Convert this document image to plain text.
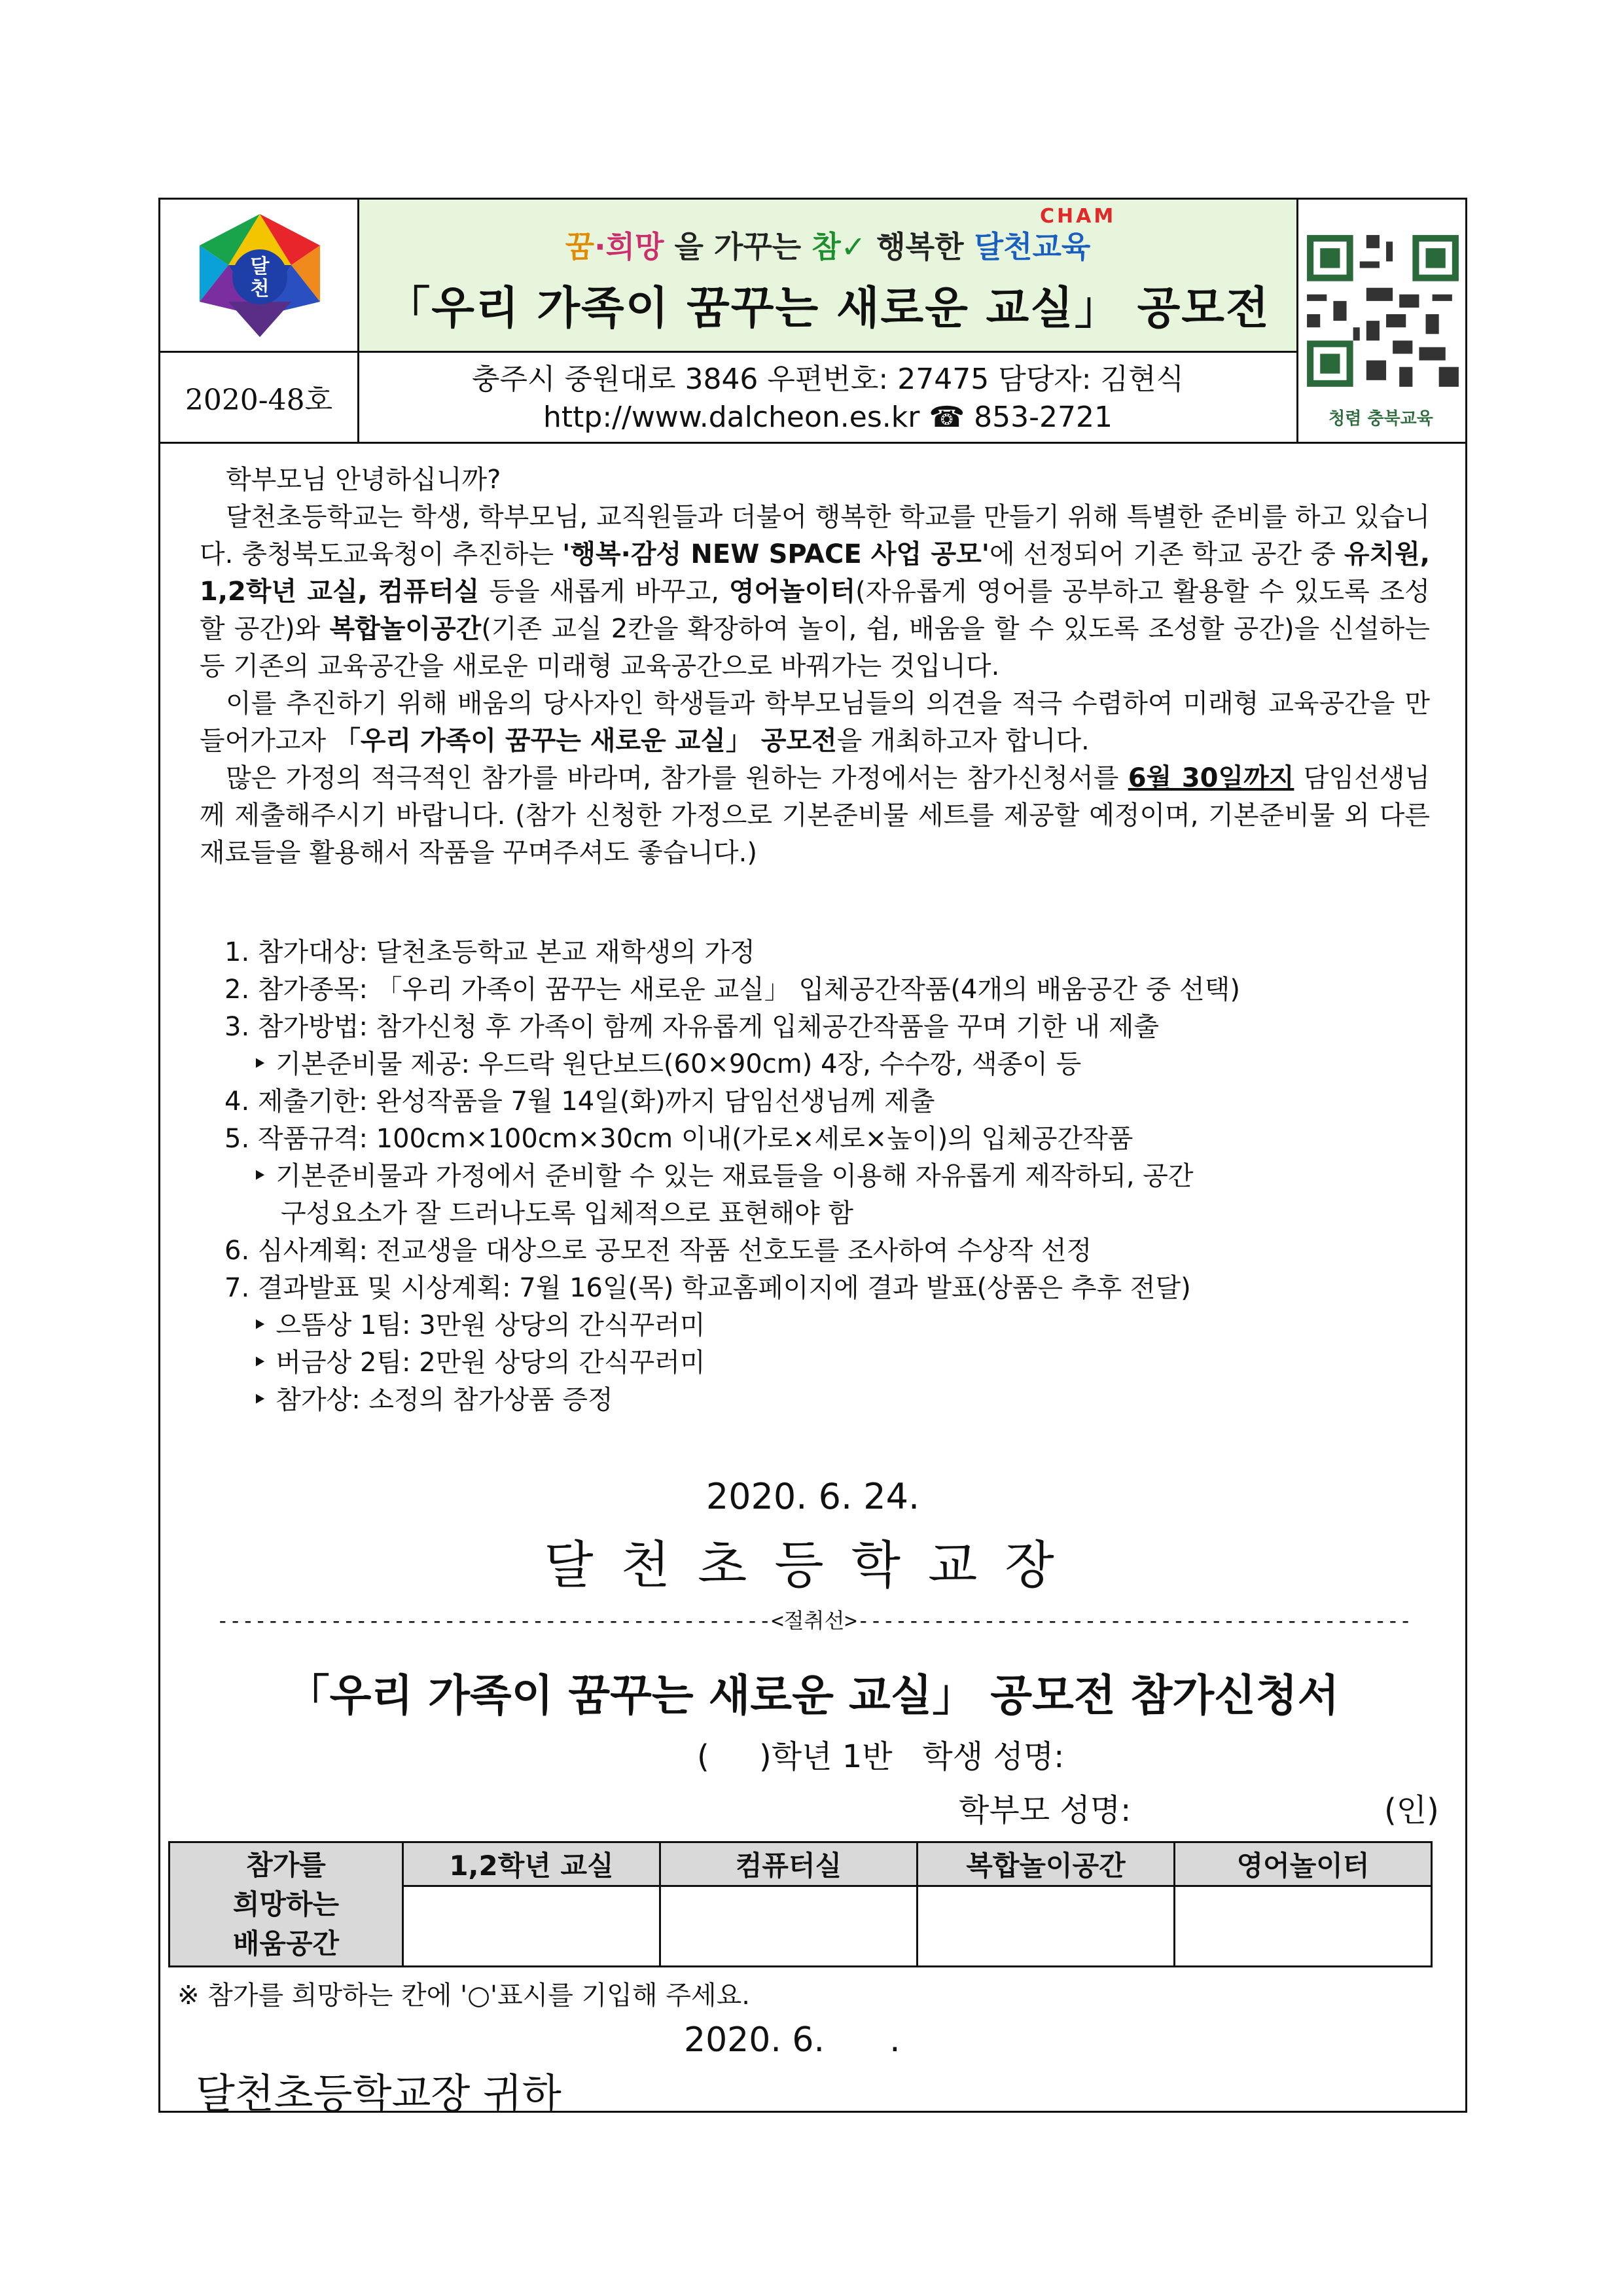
달천
2020-48호
CHAM
꿈·희망 을 가꾸는 참✓ 행복한 달천교육
「우리 가족이 꿈꾸는 새로운 교실」 공모전
충주시 중원대로 3846 우편번호: 27475 담당자: 김현식
http://www.dalcheon.es.kr ☎ 853-2721	청렴 충북교육

학부모님 안녕하십니까?

달천초등학교는 학생, 학부모님, 교직원들과 더불어 행복한 학교를 만들기 위해 특별한 준비를 하고 있습니다. 충청북도교육청이 추진하는 '행복·감성 NEW SPACE 사업 공모'에 선정되어 기존 학교 공간 중 유치원, 1,2학년 교실, 컴퓨터실 등을 새롭게 바꾸고, 영어놀이터(자유롭게 영어를 공부하고 활용할 수 있도록 조성할 공간)와 복합놀이공간(기존 교실 2칸을 확장하여 놀이, 쉼, 배움을 할 수 있도록 조성할 공간)을 신설하는 등 기존의 교육공간을 새로운 미래형 교육공간으로 바꿔가는 것입니다.

이를 추진하기 위해 배움의 당사자인 학생들과 학부모님들의 의견을 적극 수렴하여 미래형 교육공간을 만들어가고자 「우리 가족이 꿈꾸는 새로운 교실」 공모전을 개최하고자 합니다.

많은 가정의 적극적인 참가를 바라며, 참가를 원하는 가정에서는 참가신청서를 6월 30일까지 담임선생님께 제출해주시기 바랍니다. (참가 신청한 가정으로 기본준비물 세트를 제공할 예정이며, 기본준비물 외 다른 재료들을 활용해서 작품을 꾸며주셔도 좋습니다.)

1. 참가대상: 달천초등학교 본교 재학생의 가정
2. 참가종목: 「우리 가족이 꿈꾸는 새로운 교실」 입체공간작품(4개의 배움공간 중 선택)
3. 참가방법: 참가신청 후 가족이 함께 자유롭게 입체공간작품을 꾸며 기한 내 제출
‣ 기본준비물 제공: 우드락 원단보드(60×90cm) 4장, 수수깡, 색종이 등
4. 제출기한: 완성작품을 7월 14일(화)까지 담임선생님께 제출
5. 작품규격: 100cm×100cm×30cm 이내(가로×세로×높이)의 입체공간작품
‣ 기본준비물과 가정에서 준비할 수 있는 재료들을 이용해 자유롭게 제작하되, 공간
구성요소가 잘 드러나도록 입체적으로 표현해야 함
6. 심사계획: 전교생을 대상으로 공모전 작품 선호도를 조사하여 수상작 선정
7. 결과발표 및 시상계획: 7월 16일(목) 학교홈페이지에 결과 발표(상품은 추후 전달)
‣ 으뜸상 1팀: 3만원 상당의 간식꾸러미
‣ 버금상 2팀: 2만원 상당의 간식꾸러미
‣ 참가상: 소정의 참가상품 증정
2020. 6. 24.
달천초등학교장
--------------------------------------------<절취선>--------------------------------------------
「우리 가족이 꿈꾸는 새로운 교실」 공모전 참가신청서
(     )학년 1반   학생 성명:
학부모 성명:	(인)
참가를
희망하는
배움공간	1,2학년 교실	컴퓨터실	복합놀이공간	영어놀이터

※ 참가를 희망하는 칸에 '○'표시를 기입해 주세요.
2020. 6.      .
달천초등학교장 귀하
